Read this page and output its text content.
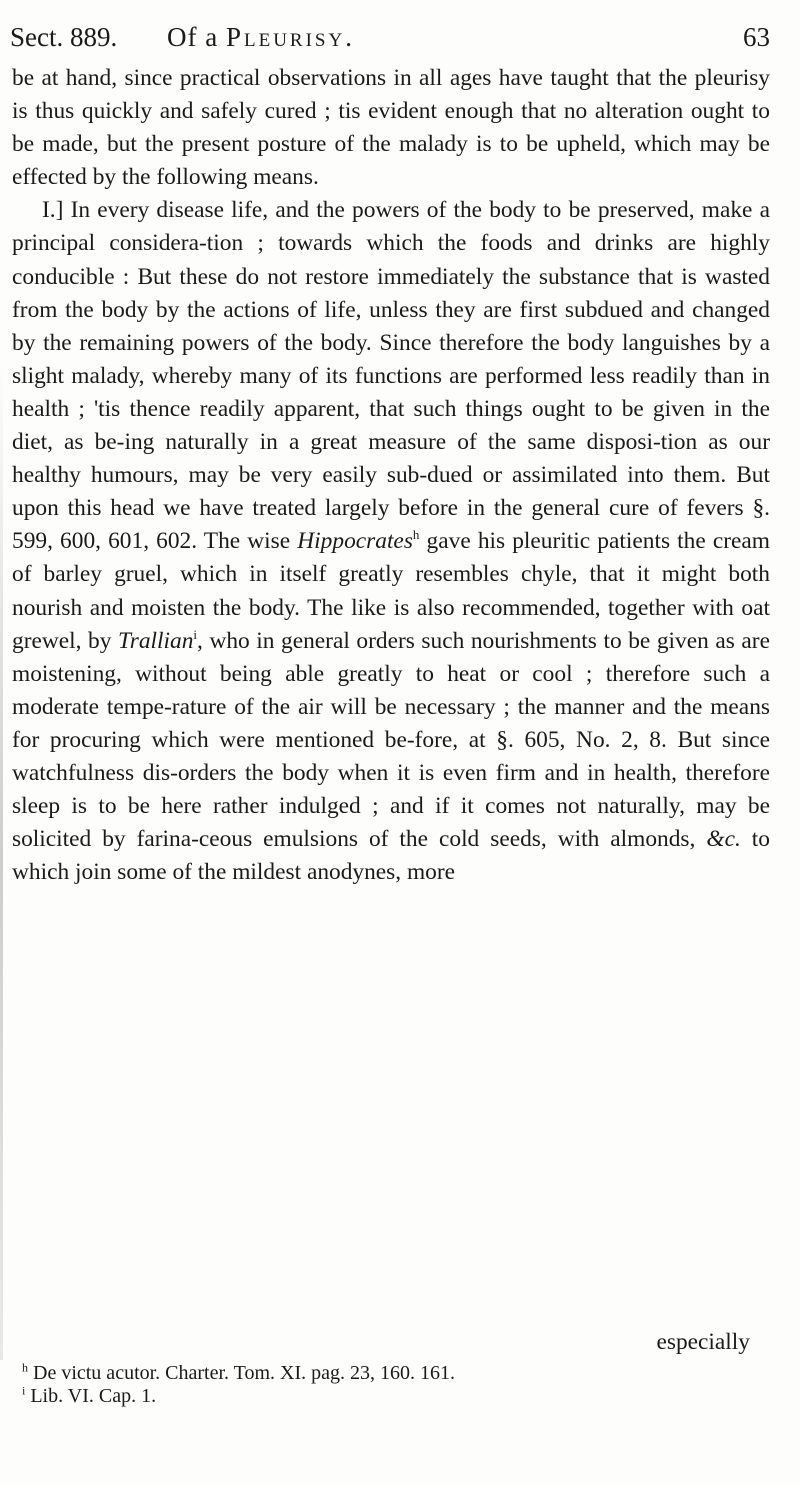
Sect. 889. Of a Pleurisy.	63

be at hand, since practical observations in all ages have taught that the pleurisy is thus quickly and safely cured ; tis evident enough that no alteration ought to be made, but the present posture of the malady is to be upheld, which may be effected by the following means.

I.] In every disease life, and the powers of the body to be preserved, make a principal considera-tion ; towards which the foods and drinks are highly conducible : But these do not restore immediately the substance that is wasted from the body by the actions of life, unless they are first subdued and changed by the remaining powers of the body. Since therefore the body languishes by a slight malady, whereby many of its functions are performed less readily than in health ; 'tis thence readily apparent, that such things ought to be given in the diet, as be-ing naturally in a great measure of the same disposi-tion as our healthy humours, may be very easily sub-dued or assimilated into them. But upon this head we have treated largely before in the general cure of fevers §. 599, 600, 601, 602. The wise Hippocrates$^h$ gave his pleuritic patients the cream of barley gruel, which in itself greatly resembles chyle, that it might both nourish and moisten the body. The like is also recommended, together with oat grewel, by Trallian$^i$, who in general orders such nourishments to be given as are moistening, without being able greatly to heat or cool ; therefore such a moderate tempe-rature of the air will be necessary ; the manner and the means for procuring which were mentioned be-fore, at §. 605, No. 2, 8. But since watchfulness dis-orders the body when it is even firm and in health, therefore sleep is to be here rather indulged ; and if it comes not naturally, may be solicited by farina-ceous emulsions of the cold seeds, with almonds, &c. to which join some of the mildest anodynes, more

especially
$^h$ De victu acutor. Charter. Tom. XI. pag. 23, 160. 161.
$^i$ Lib. VI. Cap. 1.
